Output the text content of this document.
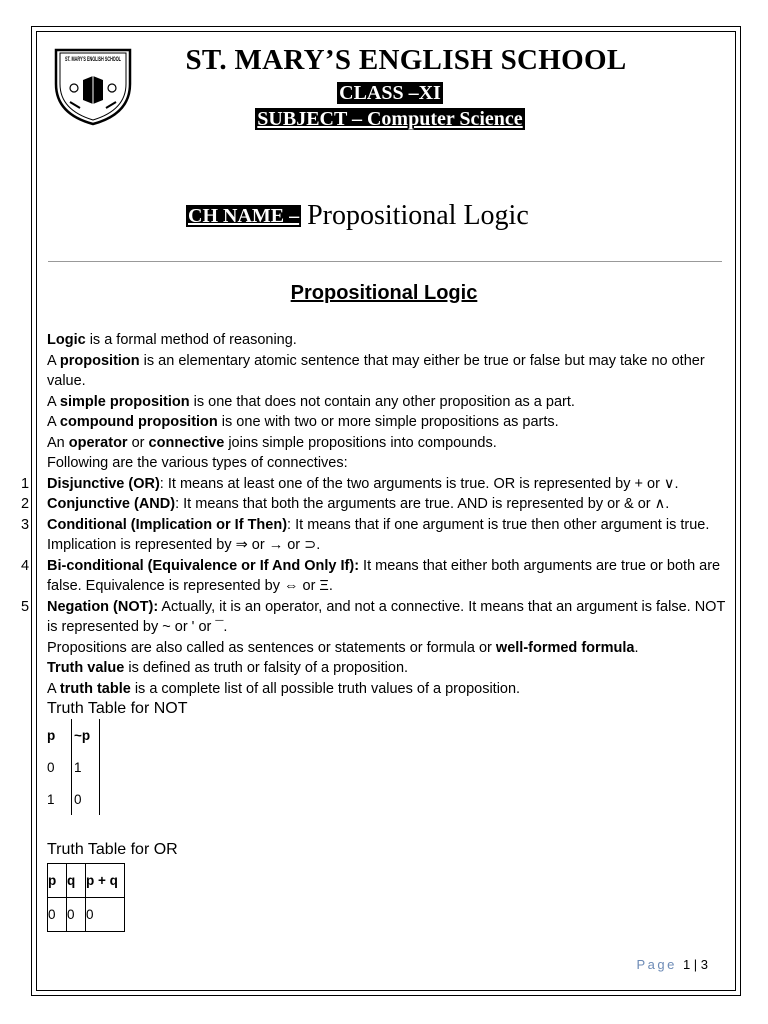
ST. MARY'S ENGLISH SCHOOL	ST. MARY’S ENGLISH SCHOOL
CLASS –XI
SUBJECT – Computer Science
CH NAME – Propositional Logic
Propositional Logic

Logic is a formal method of reasoning.

A proposition is an elementary atomic sentence that may either be true or false but may take no other value.

A simple proposition is one that does not contain any other proposition as a part.

A compound proposition is one with two or more simple propositions as parts.

An operator or connective joins simple propositions into compounds.

Following are the various types of connectives:

1 Disjunctive (OR): It means at least one of the two arguments is true. OR is represented by + or ∨.

2 Conjunctive (AND): It means that both the arguments are true. AND is represented by or & or ∧.

3 Conditional (Implication or If Then): It means that if one argument is true then other argument is true. Implication is represented by ⇒ or → or ⊃.

4 Bi-conditional (Equivalence or If And Only If): It means that either both arguments are true or both are false. Equivalence is represented by ⇔ or Ξ.

5 Negation (NOT): Actually, it is an operator, and not a connective. It means that an argument is false. NOT is represented by ~ or ' or ¯.

Propositions are also called as sentences or statements or formula or well-formed formula.

Truth value is defined as truth or falsity of a proposition.

A truth table is a complete list of all possible truth values of a proposition.

Truth Table for NOT

p	~p
0	1
1	0
Truth Table for OR
p	q	p + q
0	0	0
Page 1 | 3
